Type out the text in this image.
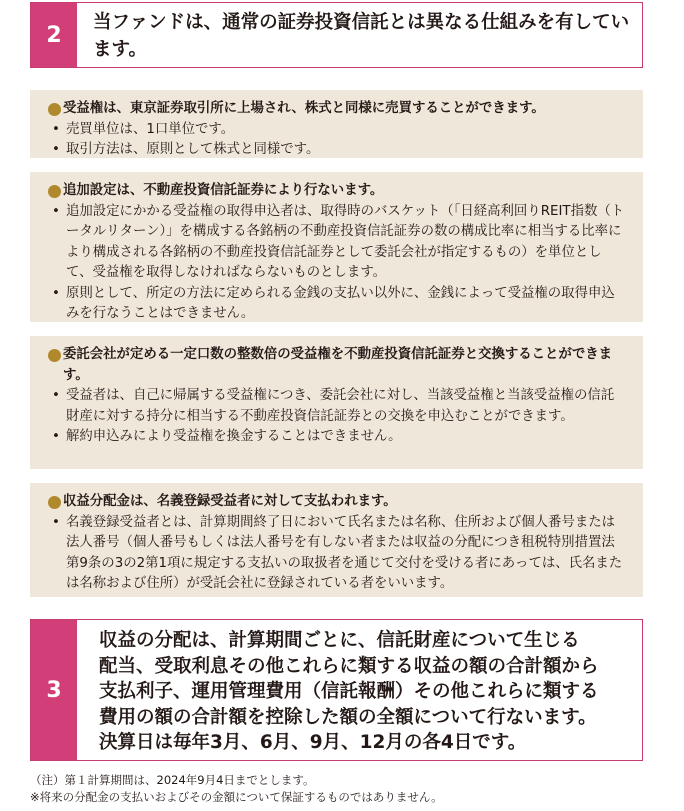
2	当ファンドは、通常の証券投資信託とは異なる仕組みを有してい
ます。
受益権は、東京証券取引所に上場され、株式と同様に売買することができます。
• 売買単位は、1口単位です。
• 取引方法は、原則として株式と同様です。
追加設定は、不動産投資信託証券により行ないます。
• 追加設定にかかる受益権の取得申込者は、取得時のバスケット（「日経高利回りREIT指数（トータルリターン）」を構成する各銘柄の不動産投資信託証券の数の構成比率に相当する比率により構成される各銘柄の不動産投資信託証券として委託会社が指定するもの）を単位として、受益権を取得しなければならないものとします。
• 原則として、所定の方法に定められる金銭の支払い以外に、金銭によって受益権の取得申込みを行なうことはできません。
委託会社が定める一定口数の整数倍の受益権を不動産投資信託証券と交換することができます。
• 受益者は、自己に帰属する受益権につき、委託会社に対し、当該受益権と当該受益権の信託財産に対する持分に相当する不動産投資信託証券との交換を申込むことができます。
• 解約申込みにより受益権を換金することはできません。
収益分配金は、名義登録受益者に対して支払われます。
• 名義登録受益者とは、計算期間終了日において氏名または名称、住所および個人番号または法人番号（個人番号もしくは法人番号を有しない者または収益の分配につき租税特別措置法第9条の3の2第1項に規定する支払いの取扱者を通じて交付を受ける者にあっては、氏名または名称および住所）が受託会社に登録されている者をいいます。
3
収益の分配は、計算期間ごとに、信託財産について生じる
配当、受取利息その他これらに類する収益の額の合計額から
支払利子、運用管理費用（信託報酬）その他これらに類する
費用の額の合計額を控除した額の全額について行ないます。
決算日は毎年3月、6月、9月、12月の各4日です。
（注）第１計算期間は、2024年9月4日までとします。
※将来の分配金の支払いおよびその金額について保証するものではありません。
